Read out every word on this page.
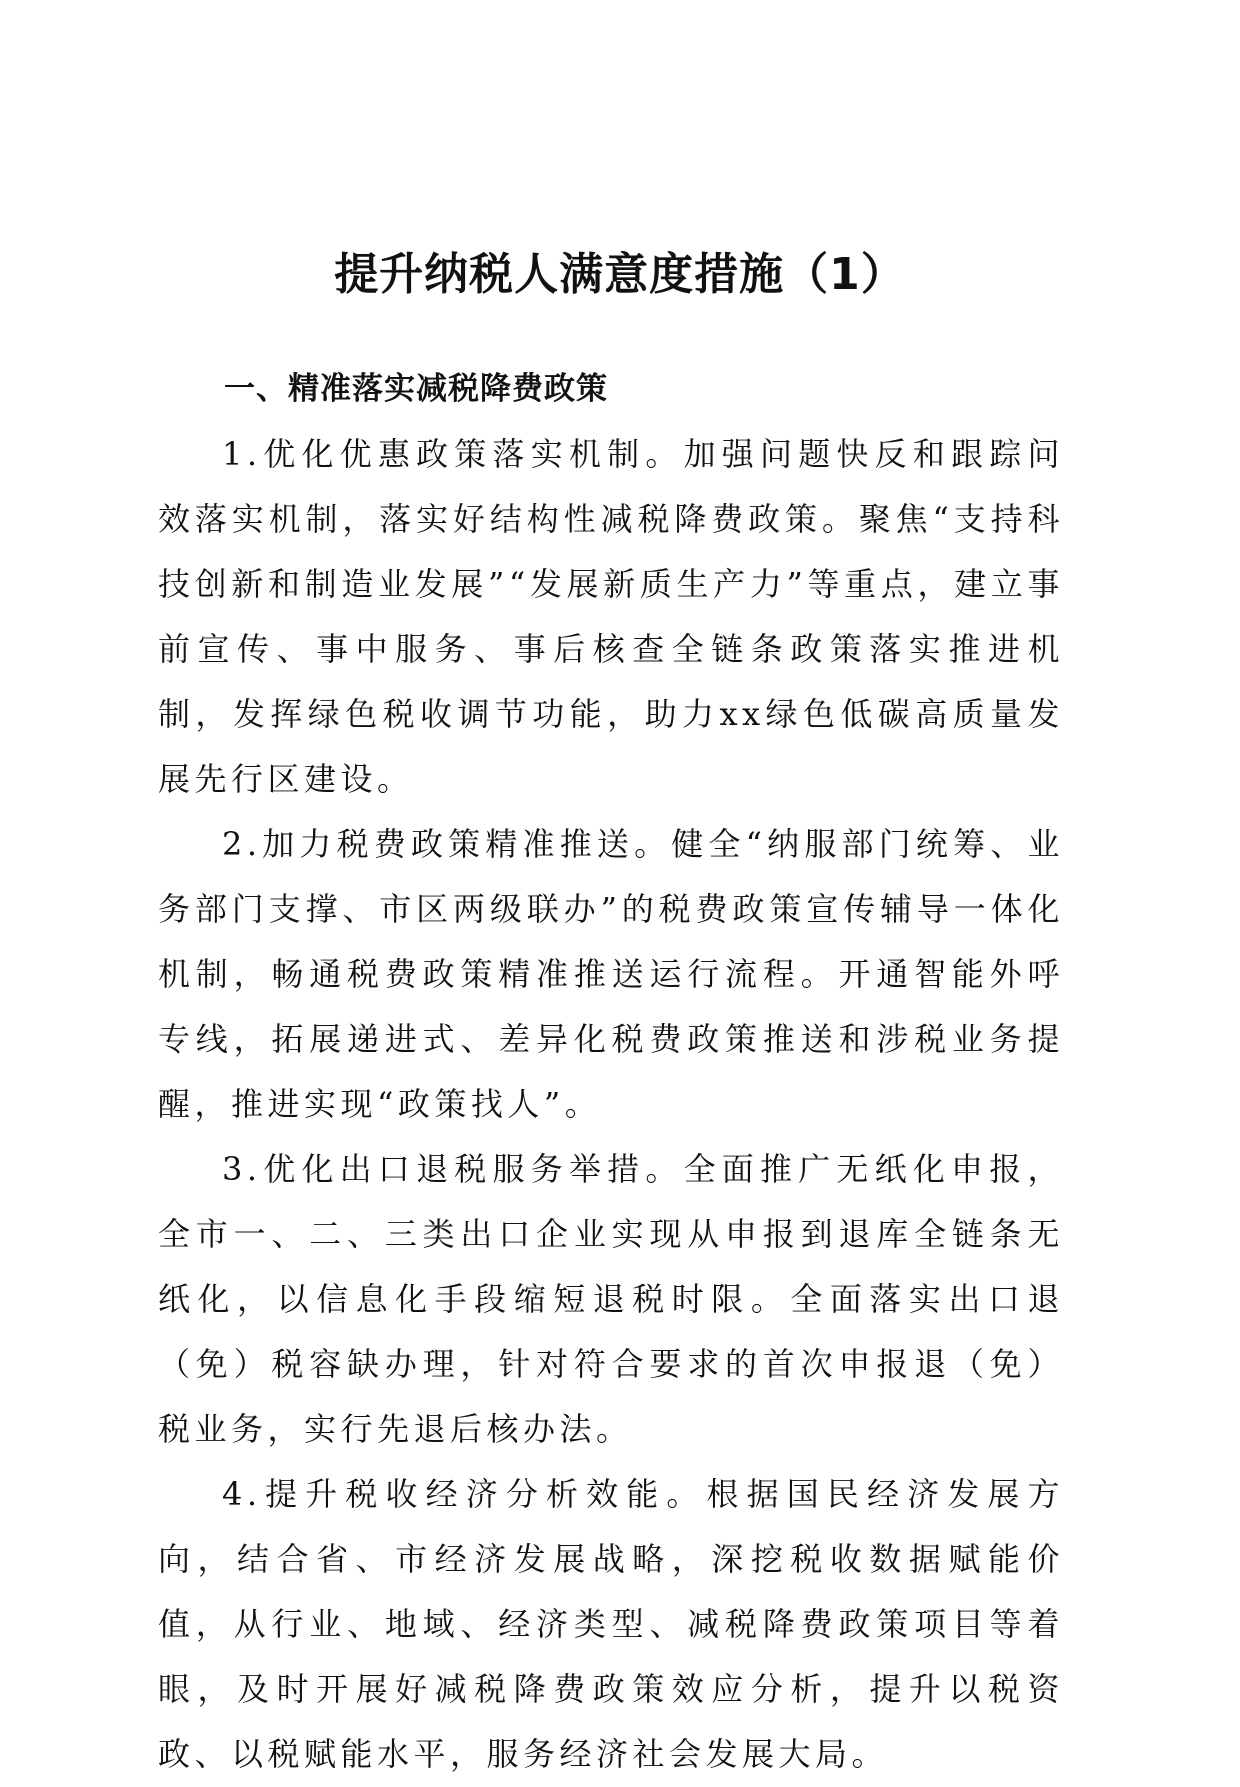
提升纳税人满意度措施（1）
一、精准落实减税降费政策

1.优化优惠政策落实机制。加强问题快反和跟踪问效落实机制，落实好结构性减税降费政策。聚焦“支持科技创新和制造业发展”“发展新质生产力”等重点，建立事前宣传、事中服务、事后核查全链条政策落实推进机制，发挥绿色税收调节功能，助力xx绿色低碳高质量发展先行区建设。

2.加力税费政策精准推送。健全“纳服部门统筹、业务部门支撑、市区两级联办”的税费政策宣传辅导一体化机制，畅通税费政策精准推送运行流程。开通智能外呼专线，拓展递进式、差异化税费政策推送和涉税业务提醒，推进实现“政策找人”。

3.优化出口退税服务举措。全面推广无纸化申报，全市一、二、三类出口企业实现从申报到退库全链条无纸化，以信息化手段缩短退税时限。全面落实出口退（免）税容缺办理，针对符合要求的首次申报退（免）税业务，实行先退后核办法。

4.提升税收经济分析效能。根据国民经济发展方向，结合省、市经济发展战略，深挖税收数据赋能价值，从行业、地域、经济类型、减税降费政策项目等着眼，及时开展好减税降费政策效应分析，提升以税资政、以税赋能水平，服务经济社会发展大局。
